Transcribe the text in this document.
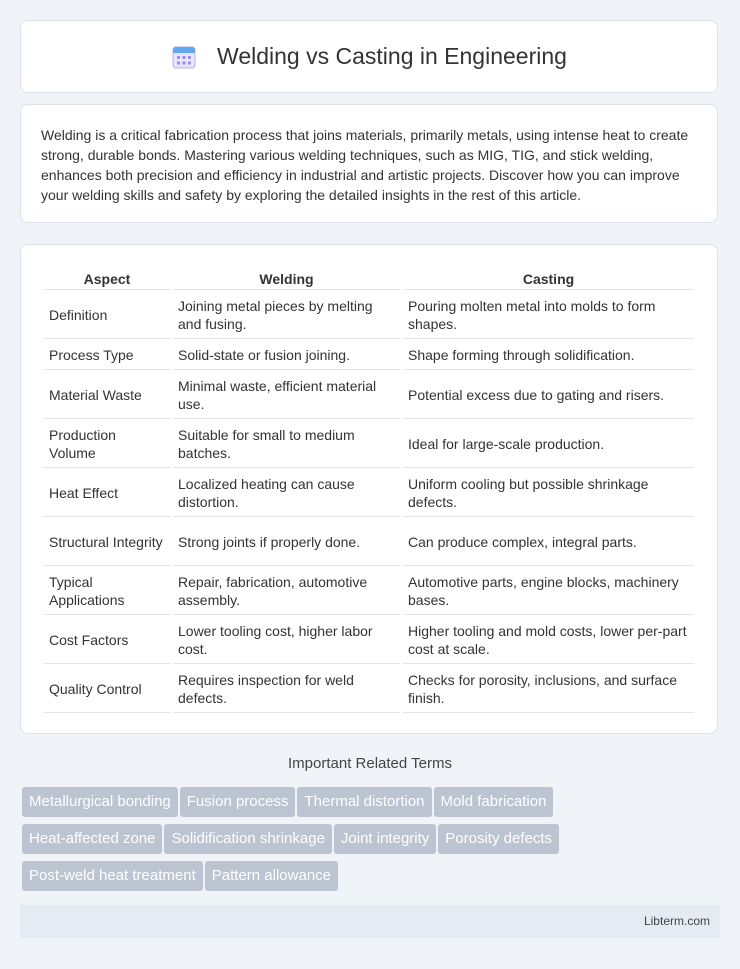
Welding vs Casting in Engineering
Welding is a critical fabrication process that joins materials, primarily metals, using intense heat to create strong, durable bonds. Mastering various welding techniques, such as MIG, TIG, and stick welding, enhances both precision and efficiency in industrial and artistic projects. Discover how you can improve your welding skills and safety by exploring the detailed insights in the rest of this article.
Aspect	Welding	Casting
Definition	Joining metal pieces by melting and fusing.	Pouring molten metal into molds to form shapes.
Process Type	Solid-state or fusion joining.	Shape forming through solidification.
Material Waste	Minimal waste, efficient material use.	Potential excess due to gating and risers.
Production Volume	Suitable for small to medium batches.	Ideal for large-scale production.
Heat Effect	Localized heating can cause distortion.	Uniform cooling but possible shrinkage defects.
Structural Integrity	Strong joints if properly done.	Can produce complex, integral parts.
Typical Applications	Repair, fabrication, automotive assembly.	Automotive parts, engine blocks, machinery bases.
Cost Factors	Lower tooling cost, higher labor cost.	Higher tooling and mold costs, lower per-part cost at scale.
Quality Control	Requires inspection for weld defects.	Checks for porosity, inclusions, and surface finish.
Important Related Terms
Metallurgical bonding Fusion process Thermal distortion Mold fabrication
Heat-affected zone Solidification shrinkage Joint integrity Porosity defects
Post-weld heat treatment Pattern allowance
Libterm.com
